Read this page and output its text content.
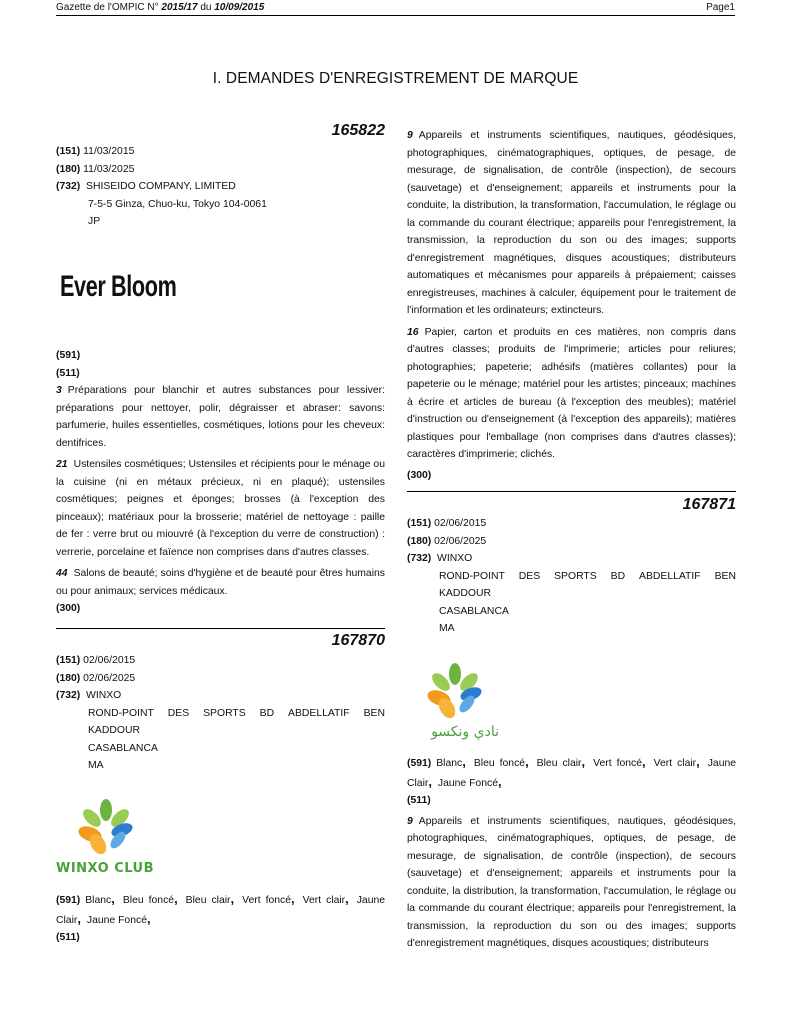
Gazette de l'OMPIC N° 2015/17 du 10/09/2015	Page1
I. DEMANDES D'ENREGISTREMENT DE MARQUE
165822
(151) 11/03/2015
(180) 11/03/2025
(732) SHISEIDO COMPANY, LIMITED
7-5-5 Ginza, Chuo-ku, Tokyo 104-0061
JP
Ever Bloom
(591)
(511)
3 Préparations pour blanchir et autres substances pour lessiver: préparations pour nettoyer, polir, dégraisser et abraser: savons: parfumerie, huiles essentielles, cosmétiques, lotions pour les cheveux: dentifrices.
21 Ustensiles cosmétiques; Ustensiles et récipients pour le ménage ou la cuisine (ni en métaux précieux, ni en plaqué); ustensiles cosmétiques; peignes et éponges; brosses (à l'exception des pinceaux); matériaux pour la brosserie; matériel de nettoyage : paille de fer : verre brut ou miouvré (à l'exception du verre de construction) : verrerie, porcelaine et faïence non comprises dans d'autres classes.
44 Salons de beauté; soins d'hygiène et de beauté pour êtres humains ou pour animaux; services médicaux.
(300)
167870
(151) 02/06/2015
(180) 02/06/2025
(732) WINXO
ROND-POINT DES SPORTS BD ABDELLATIF BEN
KADDOUR
CASABLANCA
MA
WINXO CLUB
(591) Blanc, Bleu foncé, Bleu clair, Vert foncé, Vert clair, Jaune Clair, Jaune Foncé,
(511)
9 Appareils et instruments scientifiques, nautiques, géodésiques, photographiques, cinématographiques, optiques, de pesage, de mesurage, de signalisation, de contrôle (inspection), de secours (sauvetage) et d'enseignement; appareils et instruments pour la conduite, la distribution, la transformation, l'accumulation, le réglage ou la commande du courant électrique; appareils pour l'enregistrement, la transmission, la reproduction du son ou des images; supports d'enregistrement magnétiques, disques acoustiques; distributeurs automatiques et mécanismes pour appareils à prépaiement; caisses enregistreuses, machines à calculer, équipement pour le traitement de l'information et les ordinateurs; extincteurs.
16 Papier, carton et produits en ces matières, non compris dans d'autres classes; produits de l'imprimerie; articles pour reliures; photographies; papeterie; adhésifs (matières collantes) pour la papeterie ou le ménage; matériel pour les artistes; pinceaux; machines à écrire et articles de bureau (à l'exception des meubles); matériel d'instruction ou d'enseignement (à l'exception des appareils); matières plastiques pour l'emballage (non comprises dans d'autres classes); caractères d'imprimerie; clichés.
(300)
167871
(151) 02/06/2015
(180) 02/06/2025
(732) WINXO
ROND-POINT DES SPORTS BD ABDELLATIF BEN
KADDOUR
CASABLANCA
MA
نادي ونكسو
(591) Blanc, Bleu foncé, Bleu clair, Vert foncé, Vert clair, Jaune Clair, Jaune Foncé,
(511)
9 Appareils et instruments scientifiques, nautiques, géodésiques, photographiques, cinématographiques, optiques, de pesage, de mesurage, de signalisation, de contrôle (inspection), de secours (sauvetage) et d'enseignement; appareils et instruments pour la conduite, la distribution, la transformation, l'accumulation, le réglage ou la commande du courant électrique; appareils pour l'enregistrement, la transmission, la reproduction du son ou des images; supports d'enregistrement magnétiques, disques acoustiques; distributeurs
